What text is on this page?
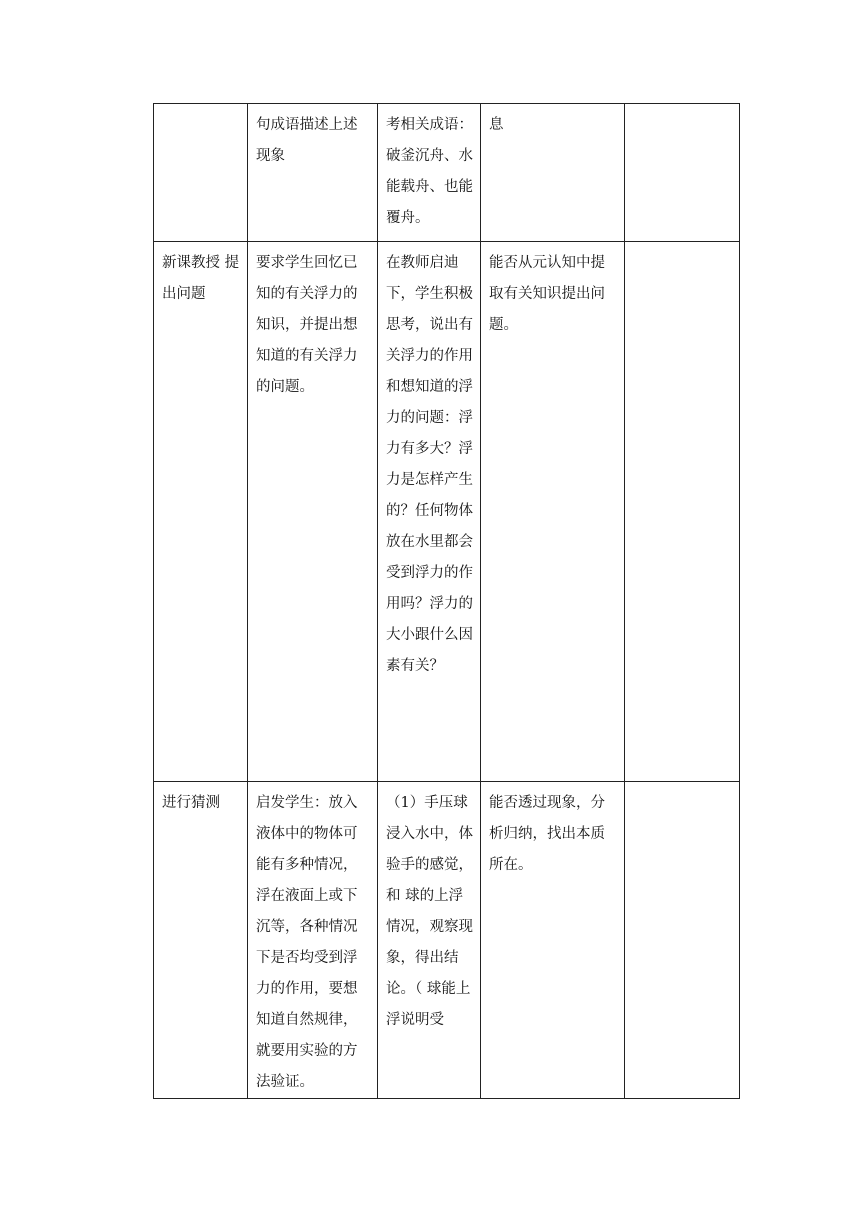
	句成语描述上述现象	考相关成语：破釜沉舟、水能载舟、也能覆舟。	息	

新课教授 提出问题	要求学生回忆已知的有关浮力的知识，并提出想知道的有关浮力的问题。	在教师启迪下，学生积极思考，说出有关浮力的作用和想知道的浮力的问题：浮力有多大？浮力是怎样产生的？任何物体放在水里都会受到浮力的作用吗？浮力的大小跟什么因素有关？	能否从元认知中提取有关知识提出问题。	

进行猜测	启发学生：放入液体中的物体可能有多种情况，浮在液面上或下沉等，各种情况下是否均受到浮力的作用，要想知道自然规律，就要用实验的方法验证。	（1）手压球浸入水中，体验手的感觉，和 球的上浮情况，观察现象，得出结论。（ 球能上浮说明受	能否透过现象，分析归纳，找出本质所在。	
